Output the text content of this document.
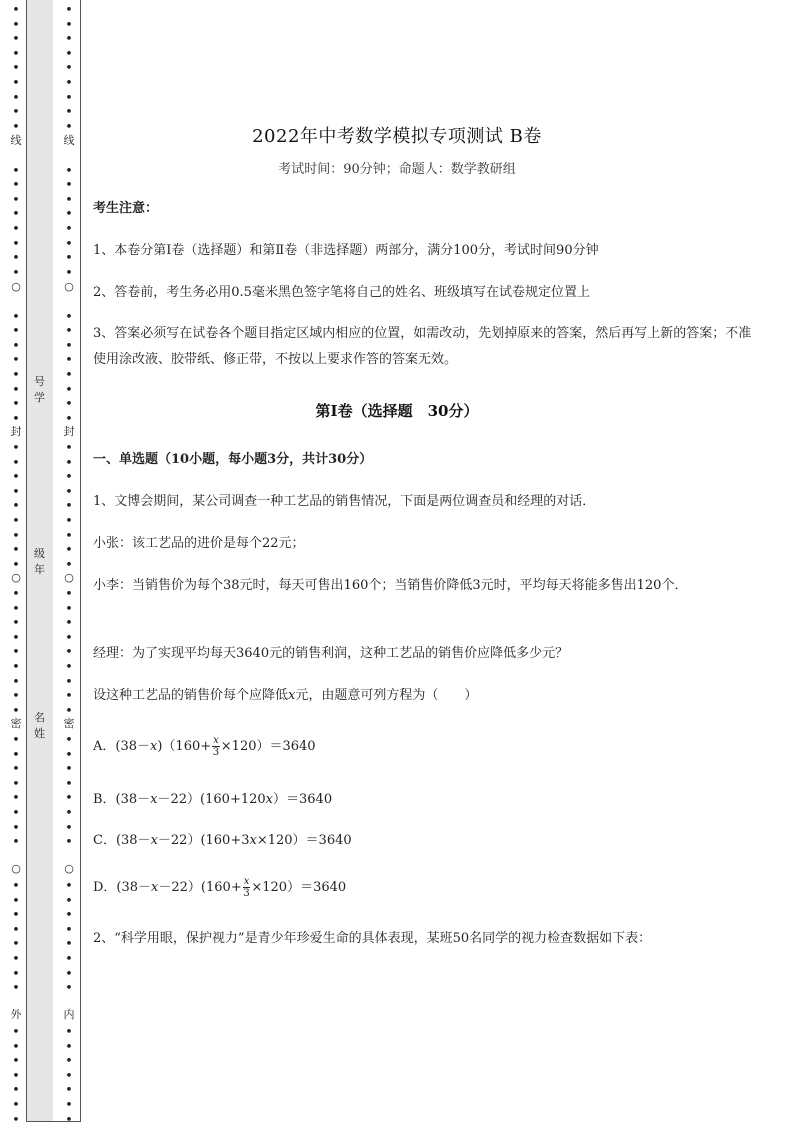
•
•
•
•
•
•
•
•
•
•
•
•
•
•
•
•
•
•
•
•
•
•
•
•
•
•
•
•
•
•
•
•
•
•
•
•
•
•
•
•
•
•
•
•
•
•
•
•
•
•
•
•
•
•
•
•
•
•
•
•
•
•
•
•
•
•
线
○
封
○
密
○
外
•
•
•
•
•
•
•
•
•
•
•
•
•
•
•
•
•
•
•
•
•
•
•
•
•
•
•
•
•
•
•
•
•
•
•
•
•
•
•
•
•
•
•
•
•
•
•
•
•
•
•
•
•
•
•
•
•
•
•
•
•
•
•
•
•
•
线
○
封
○
密
○
内
号
学
级
年
名
姓
2022年中考数学模拟专项测试 B卷
考试时间：90分钟；命题人：数学教研组
考生注意：
1、本卷分第I卷（选择题）和第Ⅱ卷（非选择题）两部分，满分100分，考试时间90分钟
2、答卷前，考生务必用0.5毫米黑色签字笔将自己的姓名、班级填写在试卷规定位置上
3、答案必须写在试卷各个题目指定区域内相应的位置，如需改动，先划掉原来的答案，然后再写上新的答案；不准使用涂改液、胶带纸、修正带，不按以上要求作答的答案无效。
第I卷（选择题　30分）
一、单选题（10小题，每小题3分，共计30分）
1、文博会期间，某公司调查一种工艺品的销售情况，下面是两位调查员和经理的对话．
小张：该工艺品的进价是每个22元；
小李：当销售价为每个38元时，每天可售出160个；当销售价降低3元时，平均每天将能多售出120个．
经理：为了实现平均每天3640元的销售利润，这种工艺品的销售价应降低多少元？
设这种工艺品的销售价每个应降低x元，由题意可列方程为（　　）
A．$(38-x)(160+ \frac{x}{3} \times 120)=3640$
B．(38－x－22）(160+120x）＝3640
C．(38－x－22）(160+3x×120）＝3640
D．$(38-x-22)(160+ \frac{x}{3} \times 120)=3640$
2、“科学用眼，保护视力”是青少年珍爱生命的具体表现，某班50名同学的视力检查数据如下表：
